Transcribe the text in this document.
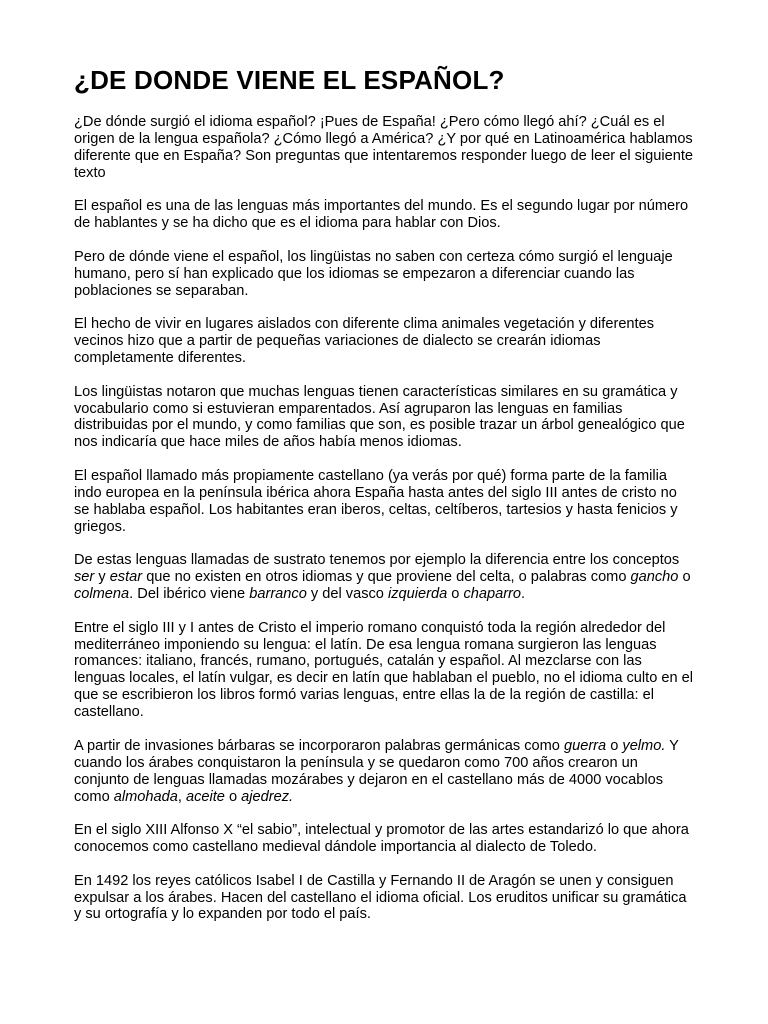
¿DE DONDE VIENE EL ESPAÑOL?

¿De dónde surgió el idioma español? ¡Pues de España! ¿Pero cómo llegó ahí? ¿Cuál es el origen de la lengua española? ¿Cómo llegó a América? ¿Y por qué en Latinoamérica hablamos diferente que en España? Son preguntas que intentaremos responder luego de leer el siguiente texto

El español es una de las lenguas más importantes del mundo. Es el segundo lugar por número de hablantes y se ha dicho que es el idioma para hablar con Dios.

Pero de dónde viene el español, los lingüistas no saben con certeza cómo surgió el lenguaje humano, pero sí han explicado que los idiomas se empezaron a diferenciar cuando las poblaciones se separaban.

El hecho de vivir en lugares aislados con diferente clima animales vegetación y diferentes vecinos hizo que a partir de pequeñas variaciones de dialecto se crearán idiomas completamente diferentes.

Los lingüistas notaron que muchas lenguas tienen características similares en su gramática y vocabulario como si estuvieran emparentados. Así agruparon las lenguas en familias distribuidas por el mundo, y como familias que son, es posible trazar un árbol genealógico que nos indicaría que hace miles de años había menos idiomas.

El español llamado más propiamente castellano (ya verás por qué) forma parte de la familia indo europea en la península ibérica ahora España hasta antes del siglo III antes de cristo no se hablaba español. Los habitantes eran iberos, celtas, celtíberos, tartesios y hasta fenicios y griegos.

De estas lenguas llamadas de sustrato tenemos por ejemplo la diferencia entre los conceptos ser y estar que no existen en otros idiomas y que proviene del celta, o palabras como gancho o colmena. Del ibérico viene barranco y del vasco izquierda o chaparro.

Entre el siglo III y I antes de Cristo el imperio romano conquistó toda la región alrededor del mediterráneo imponiendo su lengua: el latín. De esa lengua romana surgieron las lenguas romances: italiano, francés, rumano, portugués, catalán y español. Al mezclarse con las lenguas locales, el latín vulgar, es decir en latín que hablaban el pueblo, no el idioma culto en el que se escribieron los libros formó varias lenguas, entre ellas la de la región de castilla: el castellano.

A partir de invasiones bárbaras se incorporaron palabras germánicas como guerra o yelmo. Y cuando los árabes conquistaron la península y se quedaron como 700 años crearon un conjunto de lenguas llamadas mozárabes y dejaron en el castellano más de 4000 vocablos como almohada, aceite o ajedrez.

En el siglo XIII Alfonso X “el sabio”, intelectual y promotor de las artes estandarizó lo que ahora conocemos como castellano medieval dándole importancia al dialecto de Toledo.

En 1492 los reyes católicos Isabel I de Castilla y Fernando II de Aragón se unen y consiguen expulsar a los árabes. Hacen del castellano el idioma oficial. Los eruditos unificar su gramática y su ortografía y lo expanden por todo el país.
